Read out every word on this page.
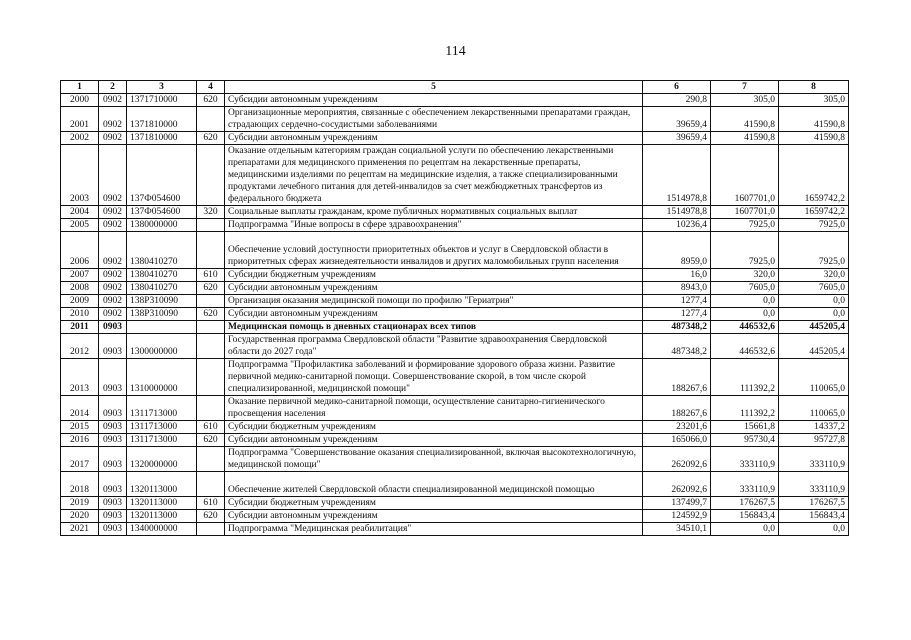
114
1	2	3	4	5	6	7	8
2000	0902	1371710000	620	Субсидии автономным учреждениям	290,8	305,0	305,0
2001	0902	1371810000		Организационные мероприятия, связанные с обеспечением лекарственными препаратами граждан, страдающих сердечно-сосудистыми заболеваниями	39659,4	41590,8	41590,8
2002	0902	1371810000	620	Субсидии автономным учреждениям	39659,4	41590,8	41590,8
2003	0902	137Ф054600		Оказание отдельным категориям граждан социальной услуги по обеспечению лекарственными препаратами для медицинского применения по рецептам на лекарственные препараты, медицинскими изделиями по рецептам на медицинские изделия, а также специализированными продуктами лечебного питания для детей-инвалидов за счет межбюджетных трансфертов из федерального бюджета	1514978,8	1607701,0	1659742,2
2004	0902	137Ф054600	320	Социальные выплаты гражданам, кроме публичных нормативных социальных выплат	1514978,8	1607701,0	1659742,2
2005	0902	1380000000		Подпрограмма "Иные вопросы в сфере здравоохранения"	10236,4	7925,0	7925,0
2006	0902	1380410270		Обеспечение условий доступности приоритетных объектов и услуг в Свердловской области в приоритетных сферах жизнедеятельности инвалидов и других маломобильных групп населения	8959,0	7925,0	7925,0
2007	0902	1380410270	610	Субсидии бюджетным учреждениям	16,0	320,0	320,0
2008	0902	1380410270	620	Субсидии автономным учреждениям	8943,0	7605,0	7605,0
2009	0902	138Р310090		Организация оказания медицинской помощи по профилю "Гериатрия"	1277,4	0,0	0,0
2010	0902	138Р310090	620	Субсидии автономным учреждениям	1277,4	0,0	0,0
2011	0903			Медицинская помощь в дневных стационарах всех типов	487348,2	446532,6	445205,4
2012	0903	1300000000		Государственная программа Свердловской области "Развитие здравоохранения Свердловской области до 2027 года"	487348,2	446532,6	445205,4
2013	0903	1310000000		Подпрограмма "Профилактика заболеваний и формирование здорового образа жизни. Развитие первичной медико-санитарной помощи. Совершенствование скорой, в том числе скорой специализированной, медицинской помощи"	188267,6	111392,2	110065,0
2014	0903	1311713000		Оказание первичной медико-санитарной помощи, осуществление санитарно-гигиенического просвещения населения	188267,6	111392,2	110065,0
2015	0903	1311713000	610	Субсидии бюджетным учреждениям	23201,6	15661,8	14337,2
2016	0903	1311713000	620	Субсидии автономным учреждениям	165066,0	95730,4	95727,8
2017	0903	1320000000		Подпрограмма "Совершенствование оказания специализированной, включая высокотехнологичную, медицинской помощи"	262092,6	333110,9	333110,9
2018	0903	1320113000		Обеспечение жителей Свердловской области специализированной медицинской помощью	262092,6	333110,9	333110,9
2019	0903	1320113000	610	Субсидии бюджетным учреждениям	137499,7	176267,5	176267,5
2020	0903	1320113000	620	Субсидии автономным учреждениям	124592,9	156843,4	156843,4
2021	0903	1340000000		Подпрограмма "Медицинская реабилитация"	34510,1	0,0	0,0
